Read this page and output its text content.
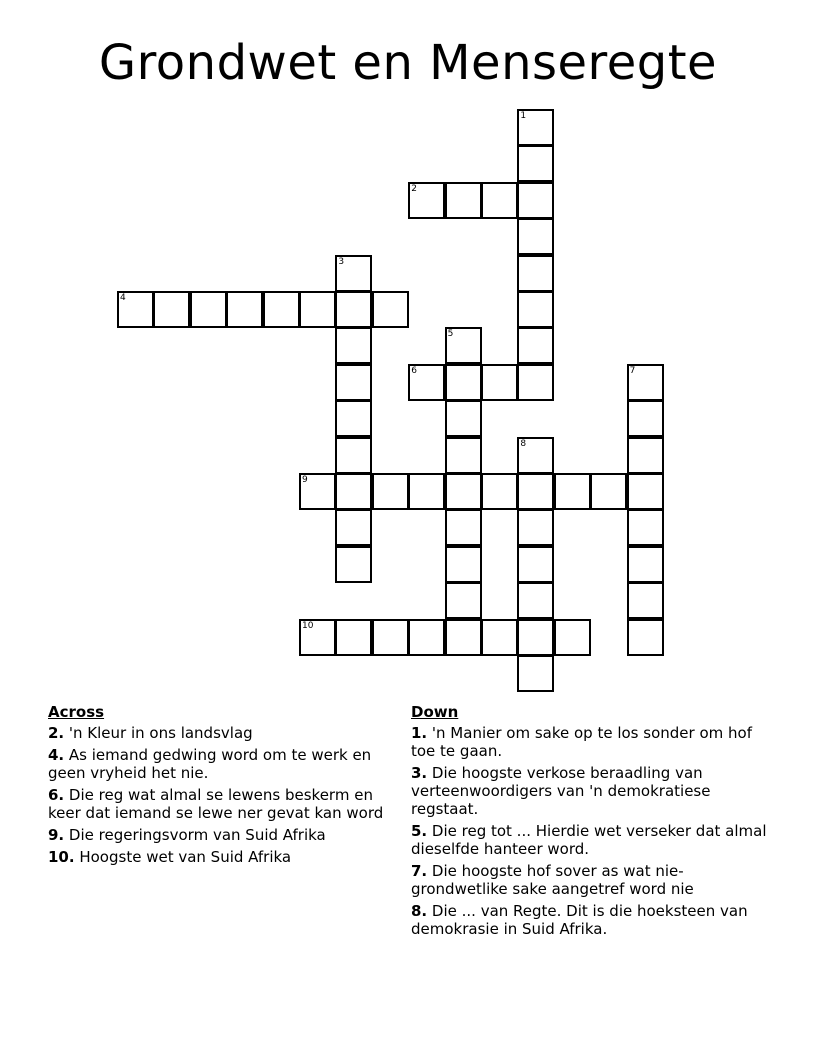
Grondwet en Menseregte
1
2
3
4
5
6	7
8
9
10
Across
2. 'n Kleur in ons landsvlag
4. As iemand gedwing word om te werk en geen vryheid het nie.
6. Die reg wat almal se lewens beskerm en keer dat iemand se lewe ner gevat kan word
9. Die regeringsvorm van Suid Afrika
10. Hoogste wet van Suid Afrika
Down
1. 'n Manier om sake op te los sonder om hof toe te gaan.
3. Die hoogste verkose beraadling van verteenwoordigers van 'n demokratiese regstaat.
5. Die reg tot ... Hierdie wet verseker dat almal dieselfde hanteer word.
7. Die hoogste hof sover as wat nie-grondwetlike sake aangetref word nie
8. Die ... van Regte. Dit is die hoeksteen van demokrasie in Suid Afrika.
